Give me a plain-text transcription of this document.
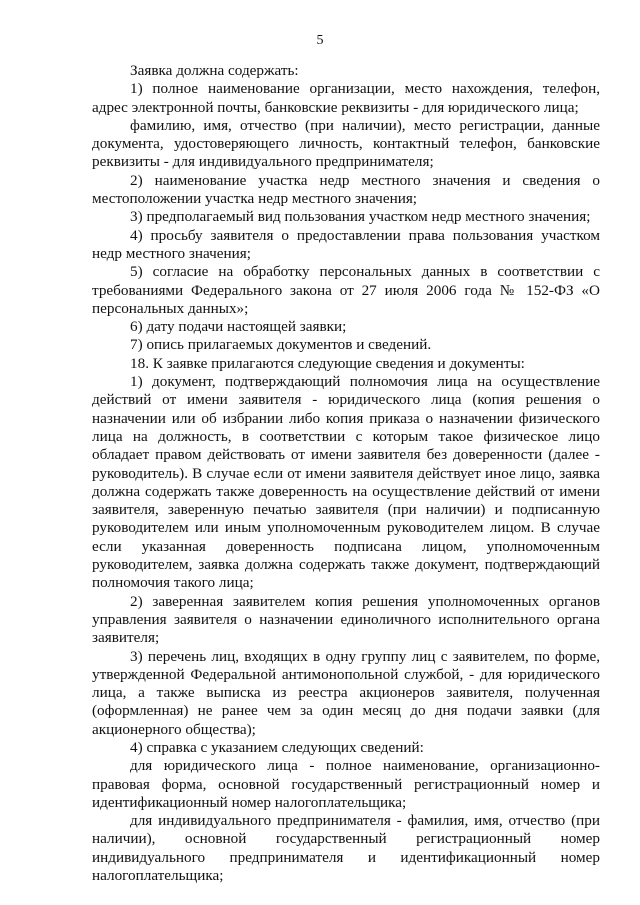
5

Заявка должна содержать:

1) полное наименование организации, место нахождения, телефон, адрес электронной почты, банковские реквизиты - для юридического лица;

фамилию, имя, отчество (при наличии), место регистрации, данные документа, удостоверяющего личность, контактный телефон, банковские реквизиты - для индивидуального предпринимателя;

2) наименование участка недр местного значения и сведения о местоположении участка недр местного значения;

3) предполагаемый вид пользования участком недр местного значения;

4) просьбу заявителя о предоставлении права пользования участком недр местного значения;

5) согласие на обработку персональных данных в соответствии с требованиями Федерального закона от 27 июля 2006 года № 152-ФЗ «О персональных данных»;

6) дату подачи настоящей заявки;

7) опись прилагаемых документов и сведений.

18. К заявке прилагаются следующие сведения и документы:

1) документ, подтверждающий полномочия лица на осуществление действий от имени заявителя - юридического лица (копия решения о назначении или об избрании либо копия приказа о назначении физического лица на должность, в соответствии с которым такое физическое лицо обладает правом действовать от имени заявителя без доверенности (далее - руководитель). В случае если от имени заявителя действует иное лицо, заявка должна содержать также доверенность на осуществление действий от имени заявителя, заверенную печатью заявителя (при наличии) и подписанную руководителем или иным уполномоченным руководителем лицом. В случае если указанная доверенность подписана лицом, уполномоченным руководителем, заявка должна содержать также документ, подтверждающий полномочия такого лица;

2) заверенная заявителем копия решения уполномоченных органов управления заявителя о назначении единоличного исполнительного органа заявителя;

3) перечень лиц, входящих в одну группу лиц с заявителем, по форме, утвержденной Федеральной антимонопольной службой, - для юридического лица, а также выписка из реестра акционеров заявителя, полученная (оформленная) не ранее чем за один месяц до дня подачи заявки (для акционерного общества);

4) справка с указанием следующих сведений:

для юридического лица - полное наименование, организационно-правовая форма, основной государственный регистрационный номер и идентификационный номер налогоплательщика;

для индивидуального предпринимателя - фамилия, имя, отчество (при наличии), основной государственный регистрационный номер индивидуального предпринимателя и идентификационный номер налогоплательщика;
